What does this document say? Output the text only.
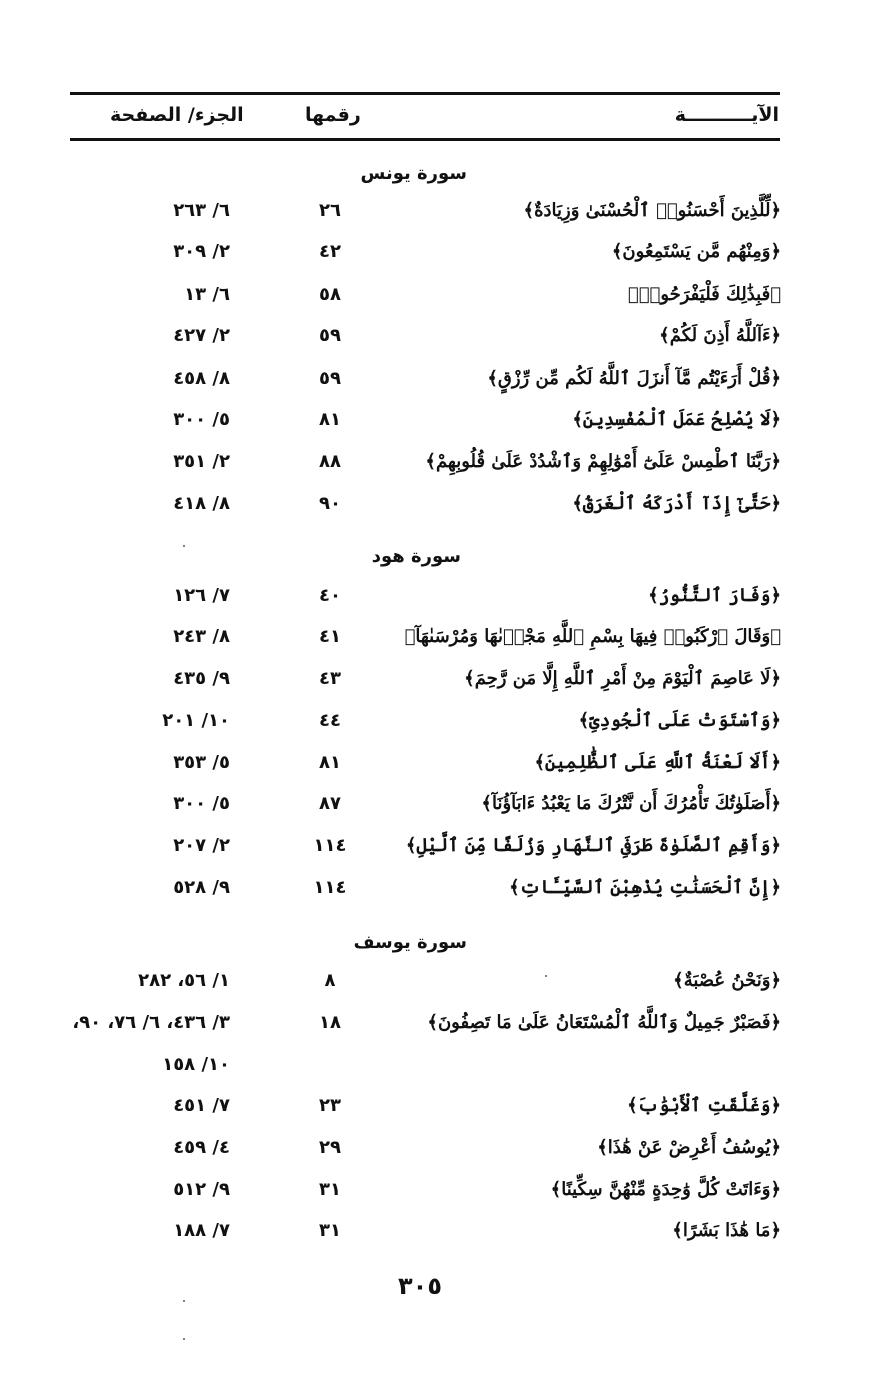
الآيــــــــــة
رقمها
الجزء/ الصفحة
سورة يونس
﴿لِّلَّذِينَ أَحْسَنُوا۟ ٱلْحُسْنَىٰ وَزِيَادَةٌ﴾
٢٦
٦/ ٢٦٣
﴿وَمِنْهُم مَّن يَسْتَمِعُونَ﴾
٤٢
٢/ ٣٠٩
﴿فَبِذَٰلِكَ فَلْيَفْرَحُوا۟﴾
٥٨
٦/ ١٣
﴿ءَآللَّهُ أَذِنَ لَكُمْ﴾
٥٩
٢/ ٤٢٧
﴿قُلْ أَرَءَيْتُم مَّآ أَنزَلَ ٱللَّهُ لَكُم مِّن رِّزْقٍ﴾
٥٩
٨/ ٤٥٨
﴿لَا يُصْلِحُ عَمَلَ ٱلْمُفْسِدِينَ﴾
٨١
٥/ ٣٠٠
﴿رَبَّنَا ٱطْمِسْ عَلَىٰٓ أَمْوَٰلِهِمْ وَٱشْدُدْ عَلَىٰ قُلُوبِهِمْ﴾
٨٨
٢/ ٣٥١
﴿حَتَّىٰٓ إِذَآ أَدْرَكَهُ ٱلْغَرَقُ﴾
٩٠
٨/ ٤١٨
سورة هود
﴿وَفَارَ ٱلتَّنُّورُ﴾
٤٠
٧/ ١٢٦
﴿وَقَالَ ٱرْكَبُوا۟ فِيهَا بِسْمِ ٱللَّهِ مَجْر۪ىٰهَا وَمُرْسَىٰهَآ﴾
٤١
٨/ ٢٤٣
﴿لَا عَاصِمَ ٱلْيَوْمَ مِنْ أَمْرِ ٱللَّهِ إِلَّا مَن رَّحِمَ﴾
٤٣
٩/ ٤٣٥
﴿وَٱسْتَوَتْ عَلَى ٱلْجُودِىِّ﴾
٤٤
١٠/ ٢٠١
﴿أَلَا لَعْنَةُ ٱللَّهِ عَلَى ٱلظَّٰلِمِينَ﴾
٨١
٥/ ٣٥٣
﴿أَصَلَوٰتُكَ تَأْمُرُكَ أَن نَّتْرُكَ مَا يَعْبُدُ ءَابَآؤُنَآ﴾
٨٧
٥/ ٣٠٠
﴿وَأَقِمِ ٱلصَّلَوٰةَ طَرَفَىِ ٱلنَّهَارِ وَزُلَفًا مِّنَ ٱلَّيْلِ﴾
١١٤
٢/ ٢٠٧
﴿إِنَّ ٱلْحَسَنَٰتِ يُذْهِبْنَ ٱلسَّيِّـَٔاتِ﴾
١١٤
٩/ ٥٢٨
سورة يوسف
﴿وَنَحْنُ عُصْبَةٌ﴾
٨
١/ ٥٦، ٢٨٢
﴿فَصَبْرٌ جَمِيلٌ وَٱللَّهُ ٱلْمُسْتَعَانُ عَلَىٰ مَا تَصِفُونَ﴾
١٨
٣/ ٤٣٦، ٦/ ٧٦، ٩٠،
١٠/ ١٥٨
﴿وَغَلَّقَتِ ٱلْأَبْوَٰبَ﴾
٢٣
٧/ ٤٥١
﴿يُوسُفُ أَعْرِضْ عَنْ هَٰذَا﴾
٢٩
٤/ ٤٥٩
﴿وَءَاتَتْ كُلَّ وَٰحِدَةٍ مِّنْهُنَّ سِكِّينًا﴾
٣١
٩/ ٥١٢
﴿مَا هَٰذَا بَشَرًا﴾
٣١
٧/ ١٨٨
٣٠٥
